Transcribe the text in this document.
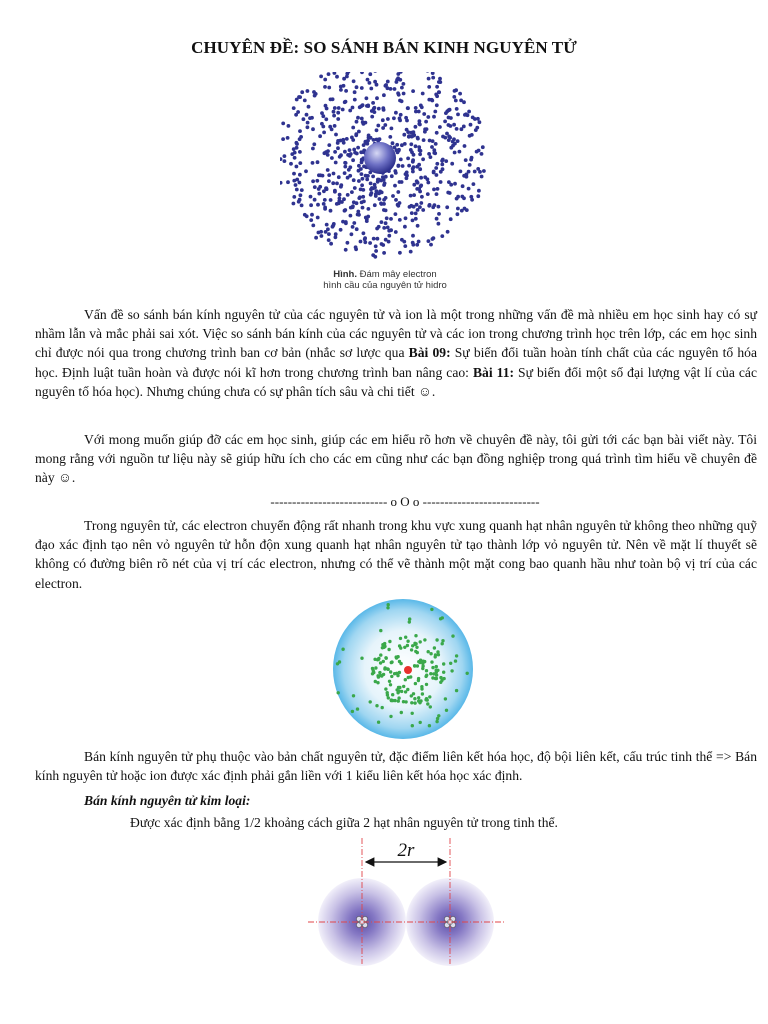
CHUYÊN ĐỀ: SO SÁNH BÁN KINH NGUYÊN TỬ
Hình. Đám mây electron
hình cầu của nguyên tử hidro

Vấn đề so sánh bán kính nguyên tử của các nguyên tử và ion là một trong những vấn đề mà nhiều em học sinh hay có sự nhầm lẫn và mắc phải sai xót. Việc so sánh bán kính của các nguyên tử và các ion trong chương trình học trên lớp, các em học sinh chỉ được nói qua trong chương trình ban cơ bản (nhắc sơ lược qua Bài 09: Sự biến đổi tuần hoàn tính chất của các nguyên tố hóa học. Định luật tuần hoàn và được nói kĩ hơn trong chương trình ban nâng cao: Bài 11: Sự biến đổi một số đại lượng vật lí của các nguyên tố hóa học). Nhưng chúng chưa có sự phân tích sâu và chi tiết ☺.

Với mong muốn giúp đỡ các em học sinh, giúp các em hiểu rõ hơn về chuyên đề này, tôi gửi tới các bạn bài viết này. Tôi mong rằng với nguồn tư liệu này sẽ giúp hữu ích cho các em cũng như các bạn đồng nghiệp trong quá trình tìm hiểu về chuyên đề này ☺.

--------------------------- o O o ---------------------------

Trong nguyên tử, các electron chuyển động rất nhanh trong khu vực xung quanh hạt nhân nguyên tử không theo những quỹ đạo xác định tạo nên vỏ nguyên tử hỗn độn xung quanh hạt nhân nguyên tử tạo thành lớp vỏ nguyên tử. Nên về mặt lí thuyết sẽ không có đường biên rõ nét của vị trí các electron, nhưng có thể vẽ thành một mặt cong bao quanh hầu như toàn bộ vị trí của các electron.

Bán kính nguyên tử phụ thuộc vào bản chất nguyên tử, đặc điểm liên kết hóa học, độ bội liên kết, cấu trúc tinh thể => Bán kính nguyên tử hoặc ion được xác định phải gắn liền với 1 kiểu liên kết hóa học xác định.

Bán kính nguyên tử kim loại:
Được xác định bằng 1/2 khoảng cách giữa 2 hạt nhân nguyên tử trong tinh thể.
2r
